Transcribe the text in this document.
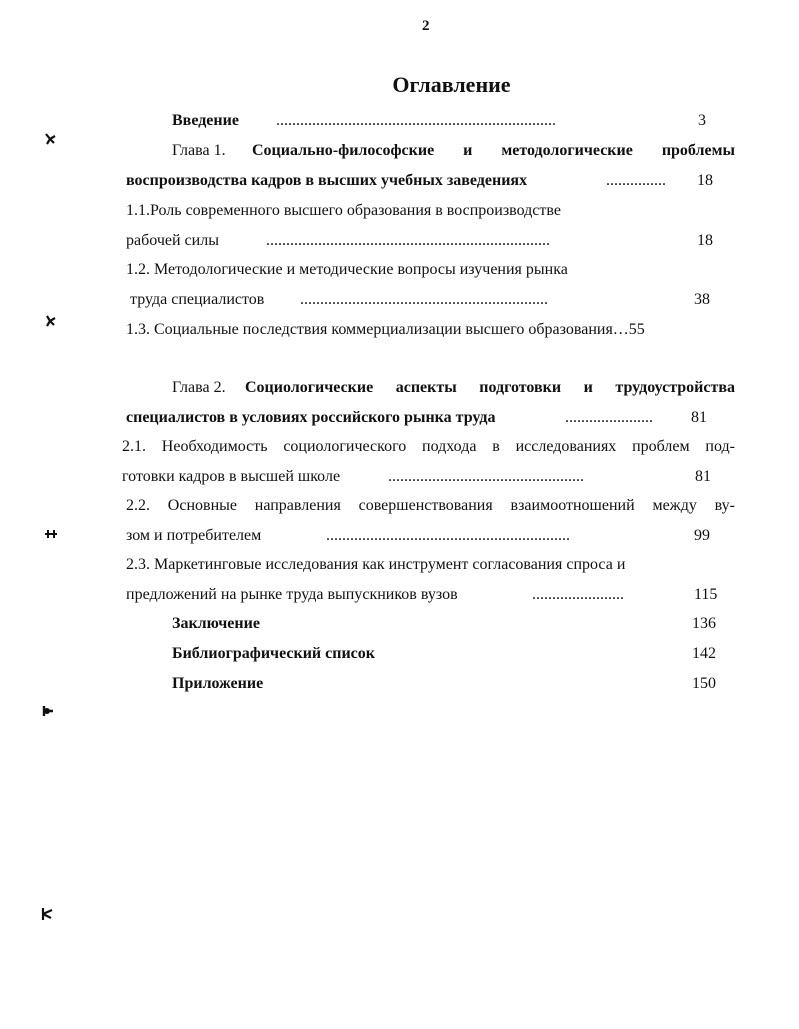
2
Оглавление
Введение ......................................................................	3
Глава 1. Социально-философские и методологические проблемы
воспроизводства кадров в высших учебных заведениях	............... 18
1.1.Роль современного высшего образования в воспроизводстве
рабочей силы	.......................................................................	18
1.2. Методологические и методические вопросы изучения рынка
труда специалистов ..............................................................	38
1.3. Социальные последствия коммерциализации высшего образования…55
Глава 2. Социологические аспекты подготовки и трудоустройства
специалистов в условиях российского рынка труда	...................... 81
2.1. Необходимость социологического подхода в исследованиях проблем под-
готовки кадров в высшей школе	.................................................	81
2.2. Основные направления совершенствования взаимоотношений между ву-
зом и потребителем	.............................................................	99
2.3. Маркетинговые исследования как инструмент согласования спроса и
предложений на рынке труда выпускников вузов	.......................	115
Заключение	136
Библиографический список	142
Приложение	150
